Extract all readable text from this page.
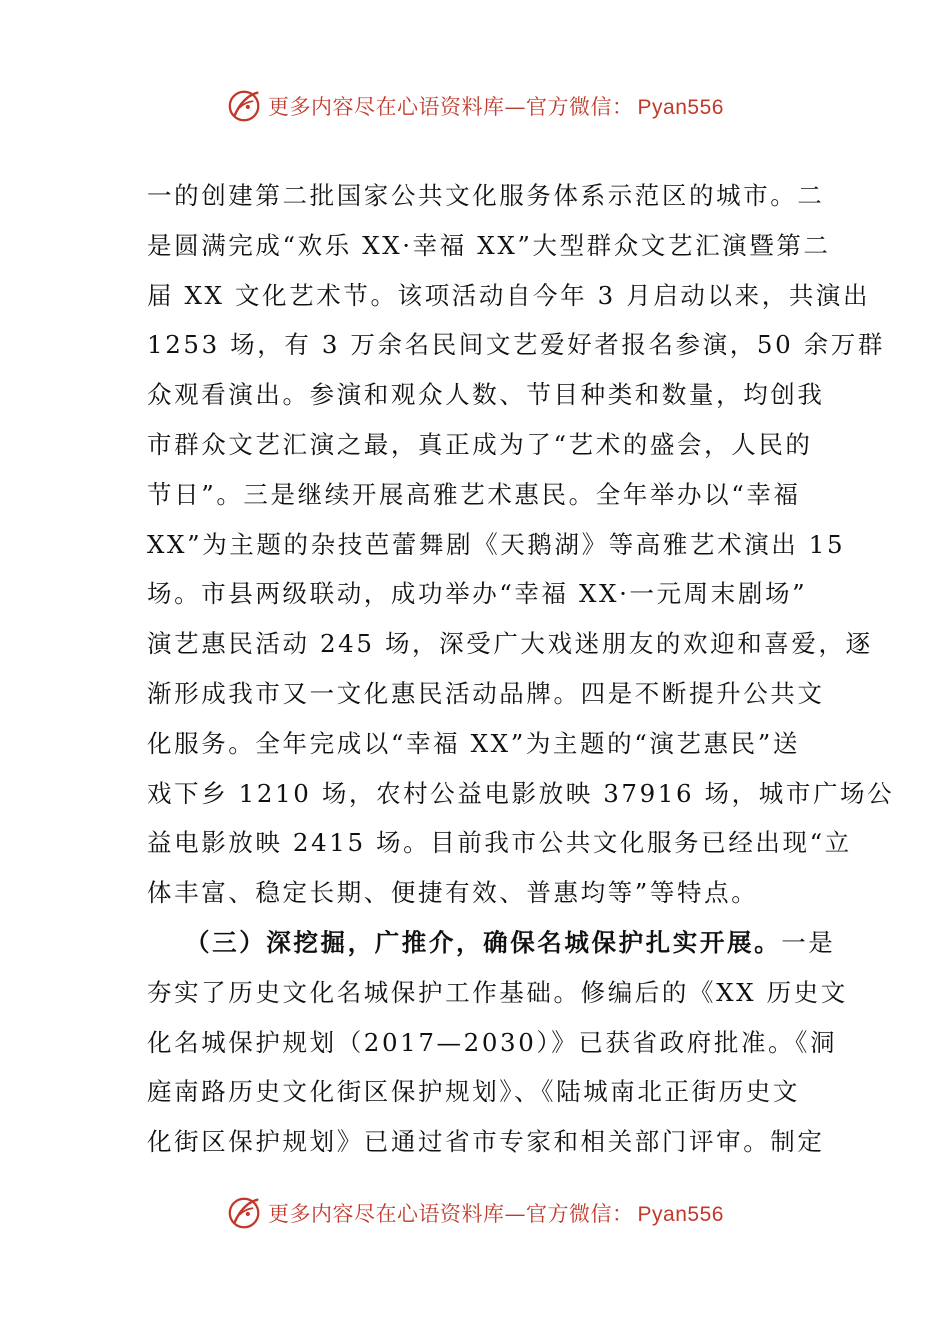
更多内容尽在心语资料库—官方微信： Pyan556
一的创建第二批国家公共文化服务体系示范区的城市。二
是圆满完成“欢乐 XX·幸福 XX”大型群众文艺汇演暨第二
届 XX 文化艺术节。该项活动自今年 3 月启动以来，共演出
1253 场，有 3 万余名民间文艺爱好者报名参演，50 余万群
众观看演出。参演和观众人数、节目种类和数量，均创我
市群众文艺汇演之最，真正成为了“艺术的盛会，人民的
节日”。三是继续开展高雅艺术惠民。全年举办以“幸福
XX”为主题的杂技芭蕾舞剧《天鹅湖》等高雅艺术演出 15
场。市县两级联动，成功举办“幸福 XX·一元周末剧场”
演艺惠民活动 245 场，深受广大戏迷朋友的欢迎和喜爱，逐
渐形成我市又一文化惠民活动品牌。四是不断提升公共文
化服务。全年完成以“幸福 XX”为主题的“演艺惠民”送
戏下乡 1210 场，农村公益电影放映 37916 场，城市广场公
益电影放映 2415 场。目前我市公共文化服务已经出现“立
体丰富、稳定长期、便捷有效、普惠均等”等特点。
（三）深挖掘，广推介，确保名城保护扎实开展。一是
夯实了历史文化名城保护工作基础。修编后的《XX 历史文
化名城保护规划（2017—2030）》已获省政府批准。《洞
庭南路历史文化街区保护规划》、《陆城南北正街历史文
化街区保护规划》已通过省市专家和相关部门评审。制定
更多内容尽在心语资料库—官方微信： Pyan556
